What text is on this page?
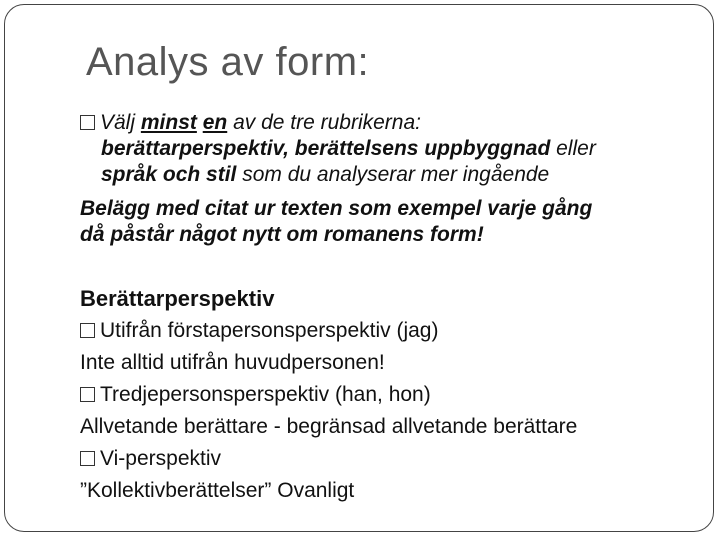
Analys av form:
Välj minst en av de tre rubrikerna:
berättarperspektiv, berättelsens uppbyggnad eller
språk och stil som du analyserar mer ingående
Belägg med citat ur texten som exempel varje gång
då påstår något nytt om romanens form!
Berättarperspektiv
Utifrån förstapersonsperspektiv (jag)
Inte alltid utifrån huvudpersonen!
Tredjepersonsperspektiv (han, hon)
Allvetande berättare - begränsad allvetande berättare
Vi-perspektiv
”Kollektivberättelser” Ovanligt
